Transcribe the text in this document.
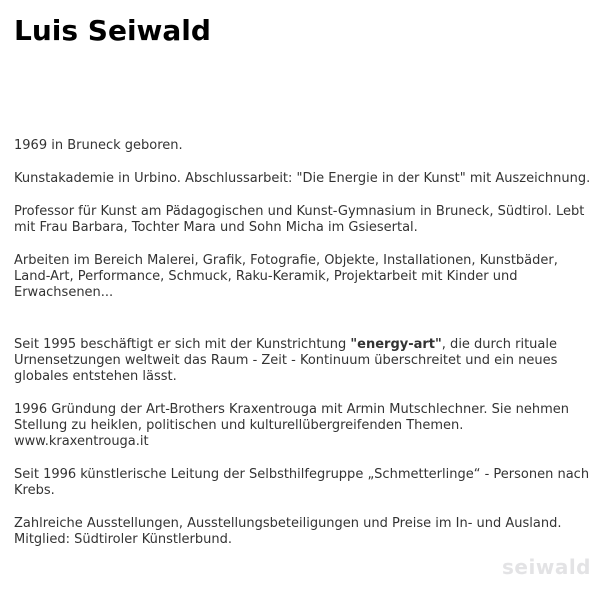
Luis Seiwald

1969 in Bruneck geboren.

Kunstakademie in Urbino. Abschlussarbeit: "Die Energie in der Kunst" mit Auszeichnung.

Professor für Kunst am Pädagogischen und Kunst-Gymnasium in Bruneck, Südtirol. Lebt mit Frau Barbara, Tochter Mara und Sohn Micha im Gsiesertal.

Arbeiten im Bereich Malerei, Grafik, Fotografie, Objekte, Installationen, Kunstbäder, Land-Art, Performance, Schmuck, Raku-Keramik, Projektarbeit mit Kinder und Erwachsenen...

Seit 1995 beschäftigt er sich mit der Kunstrichtung "energy-art", die durch rituale Urnensetzungen weltweit das Raum - Zeit - Kontinuum überschreitet und ein neues globales entstehen lässt.

1996 Gründung der Art-Brothers Kraxentrouga mit Armin Mutschlechner. Sie nehmen Stellung zu heiklen, politischen und kulturellübergreifenden Themen. www.kraxentrouga.it

Seit 1996 künstlerische Leitung der Selbsthilfegruppe „Schmetterlinge“ - Personen nach Krebs.

Zahlreiche Ausstellungen, Ausstellungsbeteiligungen und Preise im In- und Ausland. Mitglied: Südtiroler Künstlerbund.

seiwald
